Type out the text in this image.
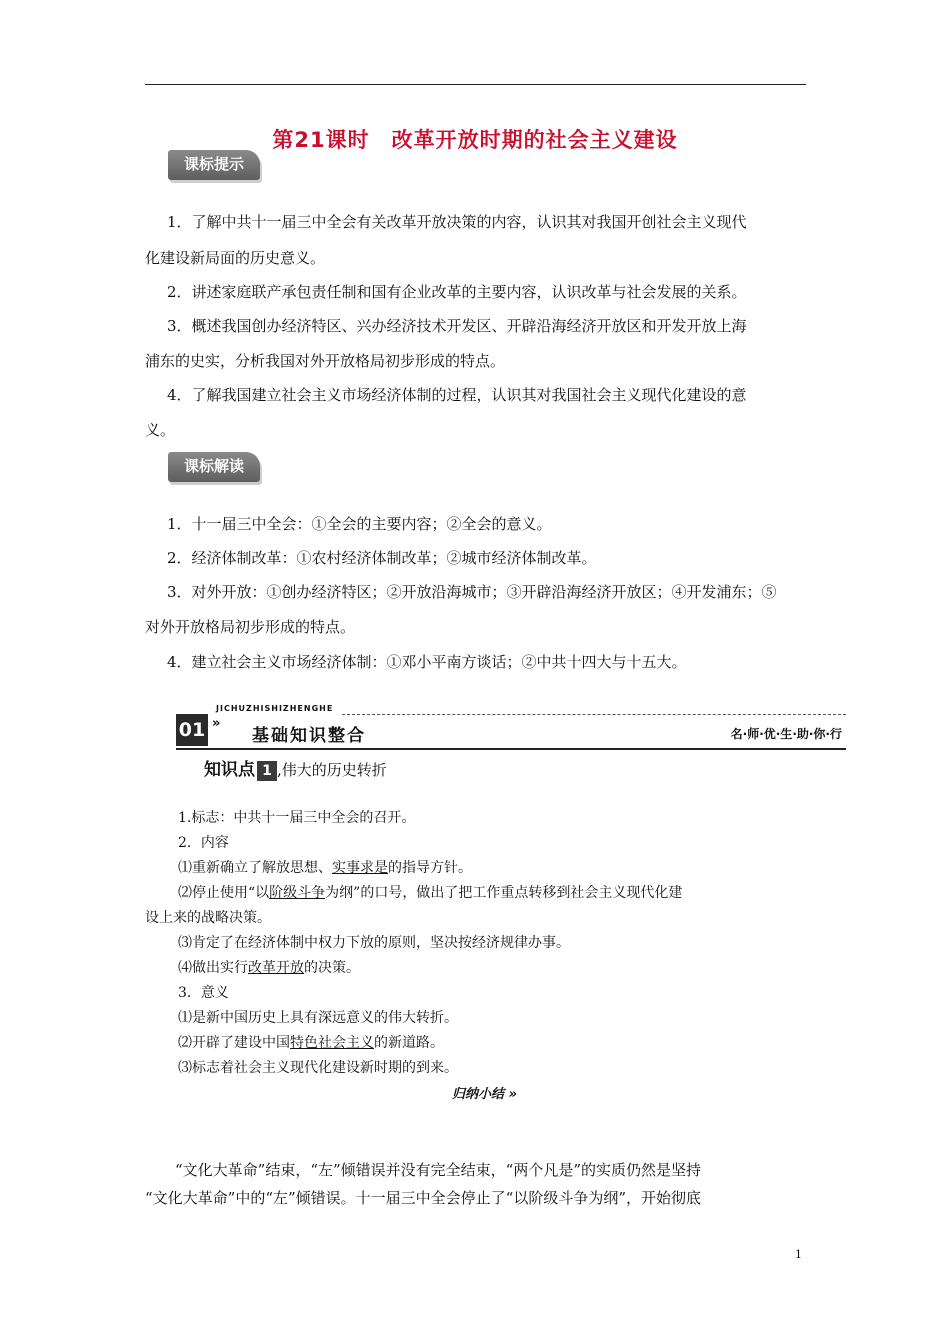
第21课时　改革开放时期的社会主义建设
课标提示
1．了解中共十一届三中全会有关改革开放决策的内容，认识其对我国开创社会主义现代
化建设新局面的历史意义。
2．讲述家庭联产承包责任制和国有企业改革的主要内容，认识改革与社会发展的关系。
3．概述我国创办经济特区、兴办经济技术开发区、开辟沿海经济开放区和开发开放上海
浦东的史实，分析我国对外开放格局初步形成的特点。
4．了解我国建立社会主义市场经济体制的过程，认识其对我国社会主义现代化建设的意
义。
课标解读
1．十一届三中全会：①全会的主要内容；②全会的意义。
2．经济体制改革：①农村经济体制改革；②城市经济体制改革。
3．对外开放：①创办经济特区；②开放沿海城市；③开辟沿海经济开放区；④开发浦东；⑤
对外开放格局初步形成的特点。
4．建立社会主义市场经济体制：①邓小平南方谈话；②中共十四大与十五大。
01 »
JICHUZHISHIZHENGHE
基础知识整合	名·师·优·生·助·你·行
知识点 1 ,伟大的历史转折
1.标志：中共十一届三中全会的召开。
2．内容
⑴重新确立了解放思想、实事求是的指导方针。
⑵停止使用“以阶级斗争为纲”的口号，做出了把工作重点转移到社会主义现代化建
设上来的战略决策。
⑶肯定了在经济体制中权力下放的原则，坚决按经济规律办事。
⑷做出实行改革开放的决策。
3．意义
⑴是新中国历史上具有深远意义的伟大转折。
⑵开辟了建设中国特色社会主义的新道路。
⑶标志着社会主义现代化建设新时期的到来。
归纳小结 »
“文化大革命”结束，“左”倾错误并没有完全结束，“两个凡是”的实质仍然是坚持
“文化大革命”中的“左”倾错误。十一届三中全会停止了“以阶级斗争为纲”，开始彻底
1
